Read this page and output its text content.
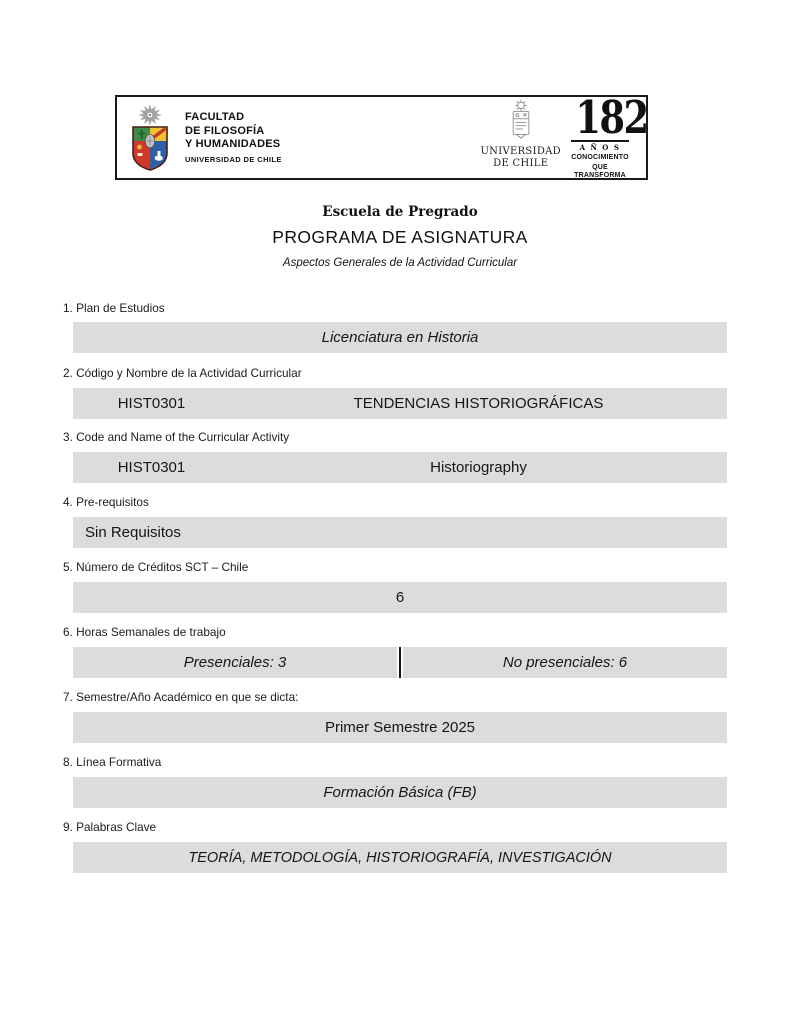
FACULTAD
DE FILOSOFÍA
Y HUMANIDADES
UNIVERSIDAD DE CHILE
UNIVERSIDAD
DE CHILE
182
A Ñ O S
CONOCIMIENTO
QUE TRANSFORMA
Escuela de Pregrado
PROGRAMA DE ASIGNATURA
Aspectos Generales de la Actividad Curricular
1. Plan de Estudios
Licenciatura en Historia
2. Código y Nombre de la Actividad Curricular
HIST0301	TENDENCIAS HISTORIOGRÁFICAS
3. Code and Name of the Curricular Activity
HIST0301	Historiography
4. Pre-requisitos
Sin Requisitos
5. Número de Créditos SCT – Chile
6
6. Horas Semanales de trabajo
Presenciales: 3	No presenciales: 6
7. Semestre/Año Académico en que se dicta:
Primer Semestre 2025
8. Línea Formativa
Formación Básica (FB)
9. Palabras Clave
TEORÍA, METODOLOGÍA, HISTORIOGRAFÍA, INVESTIGACIÓN
